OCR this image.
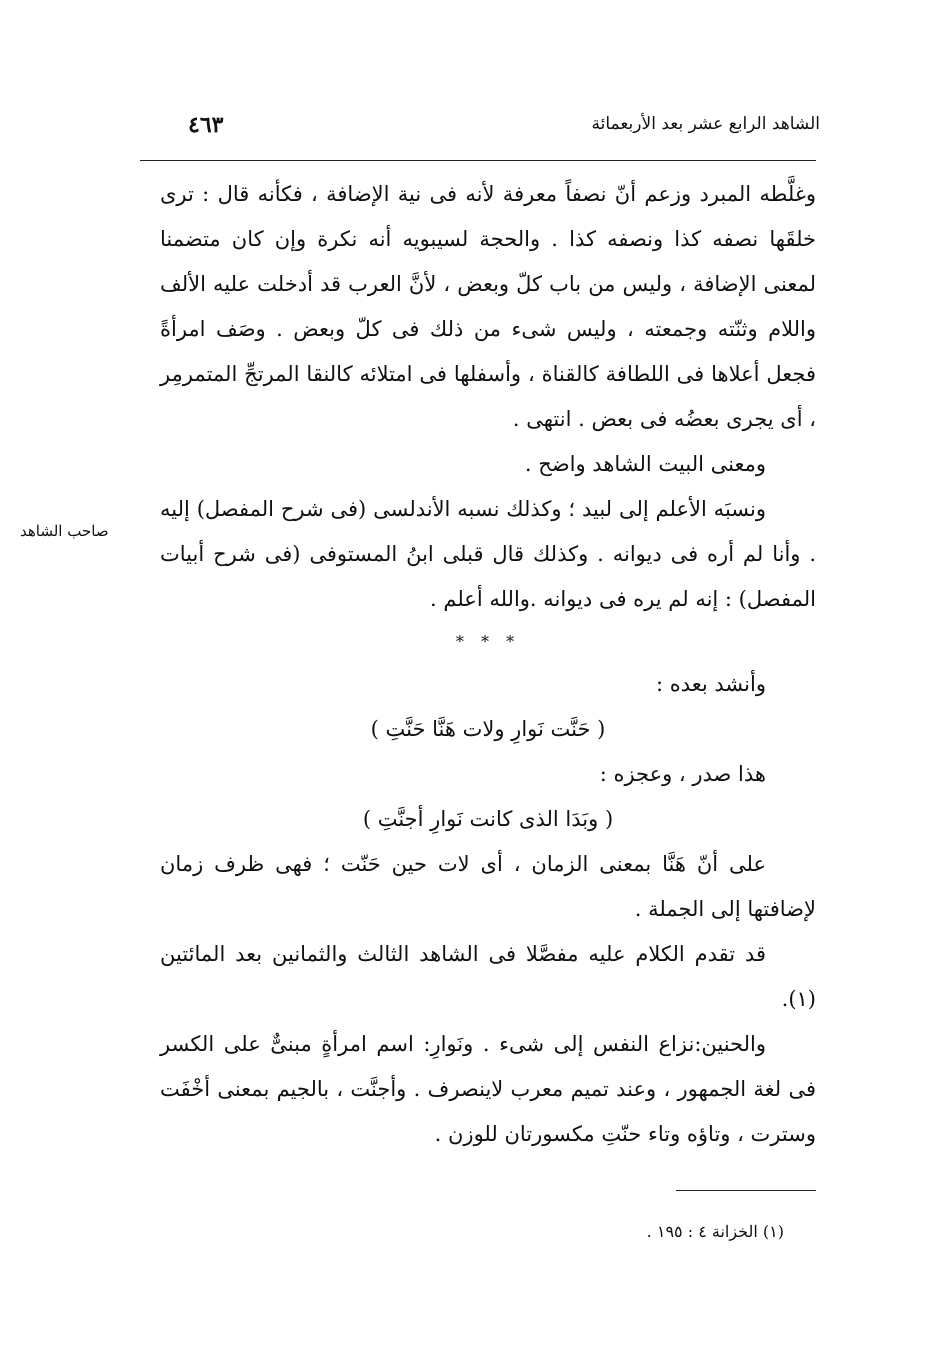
الشاهد الرابع عشر بعد الأربعمائة
٤٦٣
صاحب الشاهد

وغلَّطه المبرد وزعم أنّ نصفاً معرفة لأنه فى نية الإضافة ، فكأنه قال : ترى خلقَها نصفه كذا ونصفه كذا . والحجة لسيبويه أنه نكرة وإن كان متضمنا لمعنى الإضافة ، وليس من باب كلّ وبعض ، لأنَّ العرب قد أدخلت عليه الألف واللام وثنّته وجمعته ، وليس شىء من ذلك فى كلّ وبعض . وصَف امرأةً فجعل أعلاها فى اللطافة كالقناة ، وأسفلها فى امتلائه كالنقا المرتجِّ المتمرمِر ، أى يجرى بعضُه فى بعض . انتهى .

ومعنى البيت الشاهد واضح .

ونسبَه الأعلم إلى لبيد ؛ وكذلك نسبه الأندلسى (فى شرح المفصل) إليه . وأنا لم أره فى ديوانه . وكذلك قال قبلى ابنُ المستوفى (فى شرح أبيات المفصل) : إنه لم يره فى ديوانه .والله أعلم .

* * *

وأنشد بعده :

( حَنَّت نَوارِ ولات هَنَّا حَنَّتِ )

هذا صدر ، وعجزه :

( وبَدَا الذى كانت نَوارِ أجنَّتِ )

على أنّ هَنَّا بمعنى الزمان ، أى لات حين حَنّت ؛ فهى ظرف زمان لإضافتها إلى الجملة .

قد تقدم الكلام عليه مفصَّلا فى الشاهد الثالث والثمانين بعد المائتين (١).

والحنين:نزاع النفس إلى شىء . ونَوارِ: اسم امرأةٍ مبنىٌّ على الكسر فى لغة الجمهور ، وعند تميم معرب لاينصرف . وأجنَّت ، بالجيم بمعنى أخْفَت وسترت ، وتاؤه وتاء حنّتِ مكسورتان للوزن .

(١) الخزانة ٤ : ١٩٥ .
